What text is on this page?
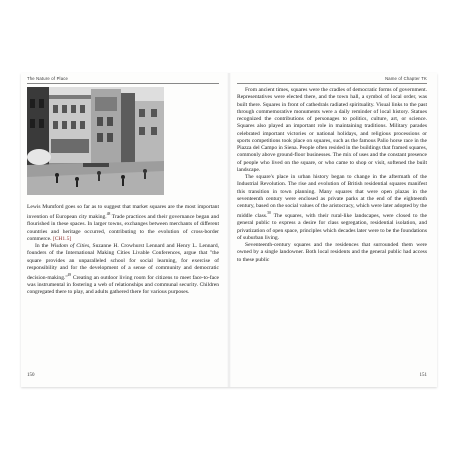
The Nature of Place

Lewis Mumford goes so far as to suggest that market squares are the most important invention of European city making.$^{48}$ Trade practices and their governance began and flourished in these spaces. In larger towns, exchanges between merchants of different countries and heritage occurred, contributing to the evolution of cross-border commerce. [CH1.5]

In the Wisdom of Cities, Suzanne H. Crowhurst Lennard and Henry L. Lennard, founders of the International Making Cities Livable Conferences, argue that "the square provides an unparalleled school for social learning, for exercise of responsibility and for the development of a sense of community and democratic decision-making."$^{49}$ Creating an outdoor living room for citizens to meet face-to-face was instrumental in fostering a web of relationships and communal security. Children congregated there to play, and adults gathered there for various purposes.

150
Name of Chapter TK

From ancient times, squares were the cradles of democratic forms of government. Representatives were elected there, and the town hall, a symbol of local order, was built there. Squares in front of cathedrals radiated spirituality. Visual links to the past through commemorative monuments were a daily reminder of local history. Statues recognized the contributions of personages to politics, culture, art, or science. Squares also played an important role in maintaining traditions. Military parades celebrated important victories or national holidays, and religious processions or sports competitions took place on squares, such as the famous Palio horse race in the Piazza del Campo in Siena. People often resided in the buildings that framed squares, commonly above ground-floor businesses. The mix of uses and the constant presence of people who lived on the square, or who came to shop or visit, softened the built landscape.

The square's place in urban history began to change in the aftermath of the Industrial Revolution. The rise and evolution of British residential squares manifest this transition in town planning. Many squares that were open plazas in the seventeenth century were enclosed as private parks at the end of the eighteenth century, based on the social values of the aristocracy, which were later adopted by the middle class.$^{50}$ The squares, with their rural-like landscapes, were closed to the general public to express a desire for class segregation, residential isolation, and privatization of open space, principles which decades later were to be the foundations of suburban living.

Seventeenth-century squares and the residences that surrounded them were owned by a single landowner. Both local residents and the general public had access to these public

151
